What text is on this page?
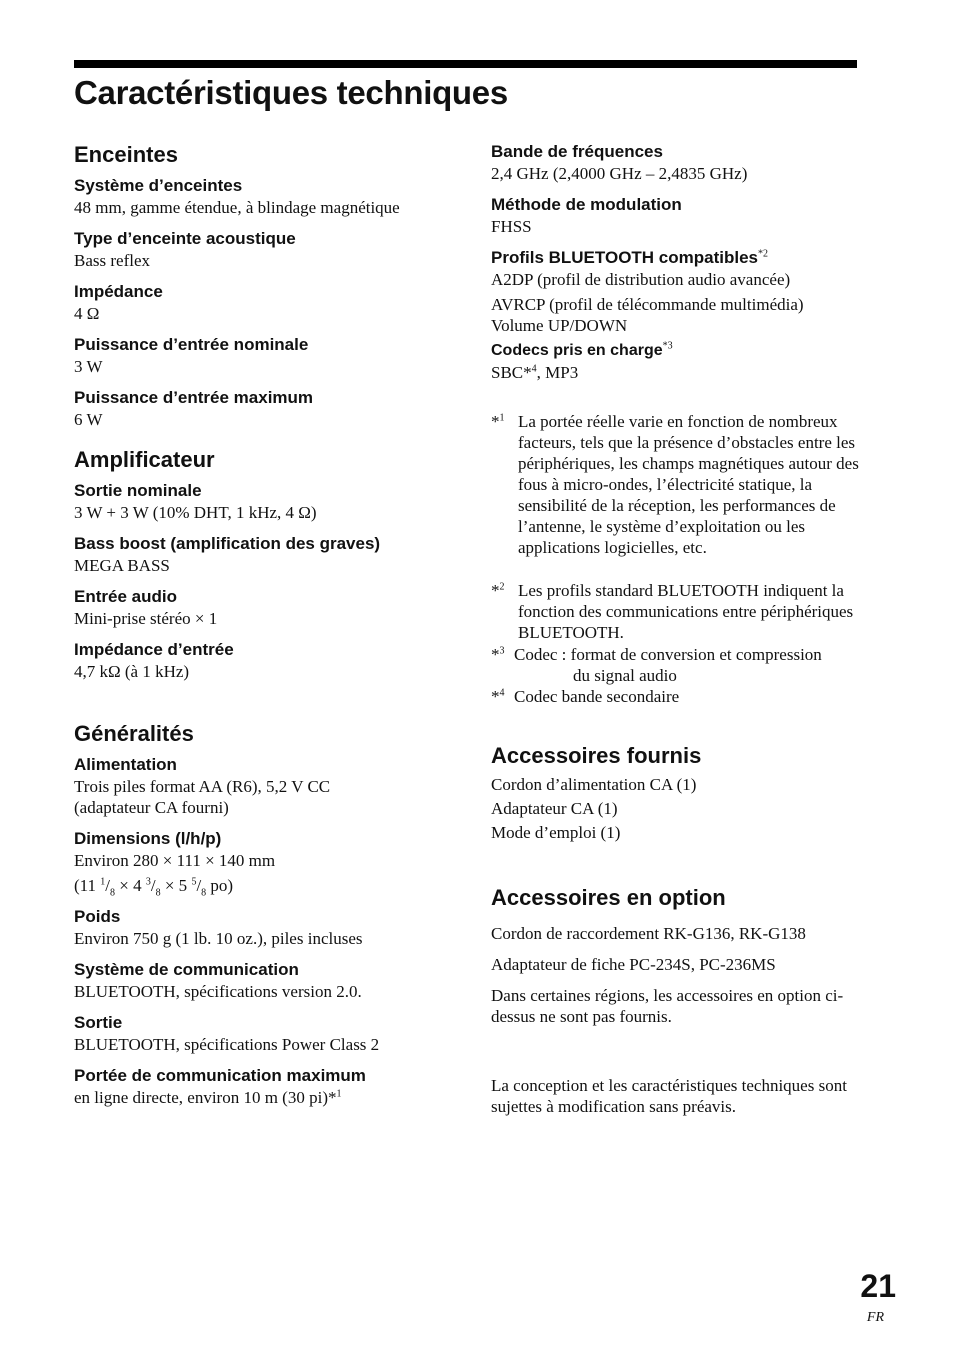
Caractéristiques techniques
Enceintes

Système d’enceintes

48 mm, gamme étendue, à blindage magnétique

Type d’enceinte acoustique

Bass reflex

Impédance

4 Ω

Puissance d’entrée nominale

3 W

Puissance d’entrée maximum

6 W

Amplificateur

Sortie nominale

3 W + 3 W (10% DHT, 1 kHz, 4 Ω)

Bass boost (amplification des graves)

MEGA BASS

Entrée audio

Mini-prise stéréo × 1

Impédance d’entrée

4,7 kΩ (à 1 kHz)

Généralités

Alimentation

Trois piles format AA (R6), 5,2 V CC

(adaptateur CA fourni)

Dimensions (l/h/p)

Environ 280 × 111 × 140 mm

(11 $^1/_8 \times 4$ $^3/_8 \times 5$ $^5/_8$ po)

Poids

Environ 750 g (1 lb. 10 oz.), piles incluses

Système de communication

BLUETOOTH, spécifications version 2.0.

Sortie

BLUETOOTH, spécifications Power Class 2

Portée de communication maximum

en ligne directe, environ 10 m (30 pi)*$^1$

Bande de fréquences

2,4 GHz (2,4000 GHz – 2,4835 GHz)

Méthode de modulation

FHSS

Profils BLUETOOTH compatibles$^{*2}$

A2DP (profil de distribution audio avancée)

AVRCP (profil de télécommande multimédia)

Volume UP/DOWN

Codecs pris en charge$^{*3}$

SBC*$^4$, MP3

*$^1$ La portée réelle varie en fonction de nombreux facteurs, tels que la présence d’obstacles entre les périphériques, les champs magnétiques autour des fous à micro-ondes, l’électricité statique, la sensibilité de la réception, les performances de l’antenne, le système d’exploitation ou les applications logicielles, etc.
*$^2$ Les profils standard BLUETOOTH indiquent la fonction des communications entre périphériques BLUETOOTH.
*$^3$ Codec : format de conversion et compression
du signal audio
*$^4$ Codec bande secondaire
Accessoires fournis

Cordon d’alimentation CA (1)

Adaptateur CA (1)

Mode d’emploi (1)

Accessoires en option

Cordon de raccordement RK-G136, RK-G138

Adaptateur de fiche PC-234S, PC-236MS

Dans certaines régions, les accessoires en option ci-dessus ne sont pas fournis.

La conception et les caractéristiques techniques sont sujettes à modification sans préavis.

21
FR
